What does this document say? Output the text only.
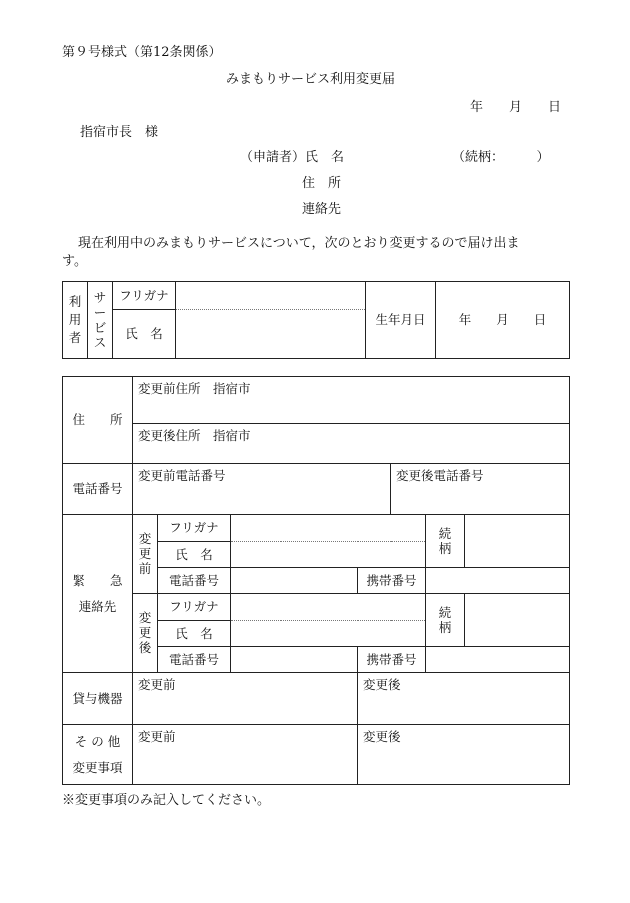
第９号様式（第12条関係）
みまもりサービス利用変更届
年　　月　　日
指宿市長　様
（申請者）氏　名	（続柄：　　　）
住　所
連絡先
現在利用中のみまもりサービスについて，次のとおり変更するので届け出ま
す。
利用者	サービス	フリガナ		生年月日	年　　月　　日
		氏　名			
住　　所	変更前住所　指宿市						
	変更後住所　指宿市						
電話番号	変更前電話番号				変更後電話番号		

緊　　急
連絡先	変更前	フリガナ				続柄	
		氏　名					
		電話番号		携帯番号			
	変更後	フリガナ				続柄	
		氏　名					
		電話番号		携帯番号			
貸与機器	変更前			変更後			

そ の 他
変更事項	変更前			変更後			
※変更事項のみ記入してください。
